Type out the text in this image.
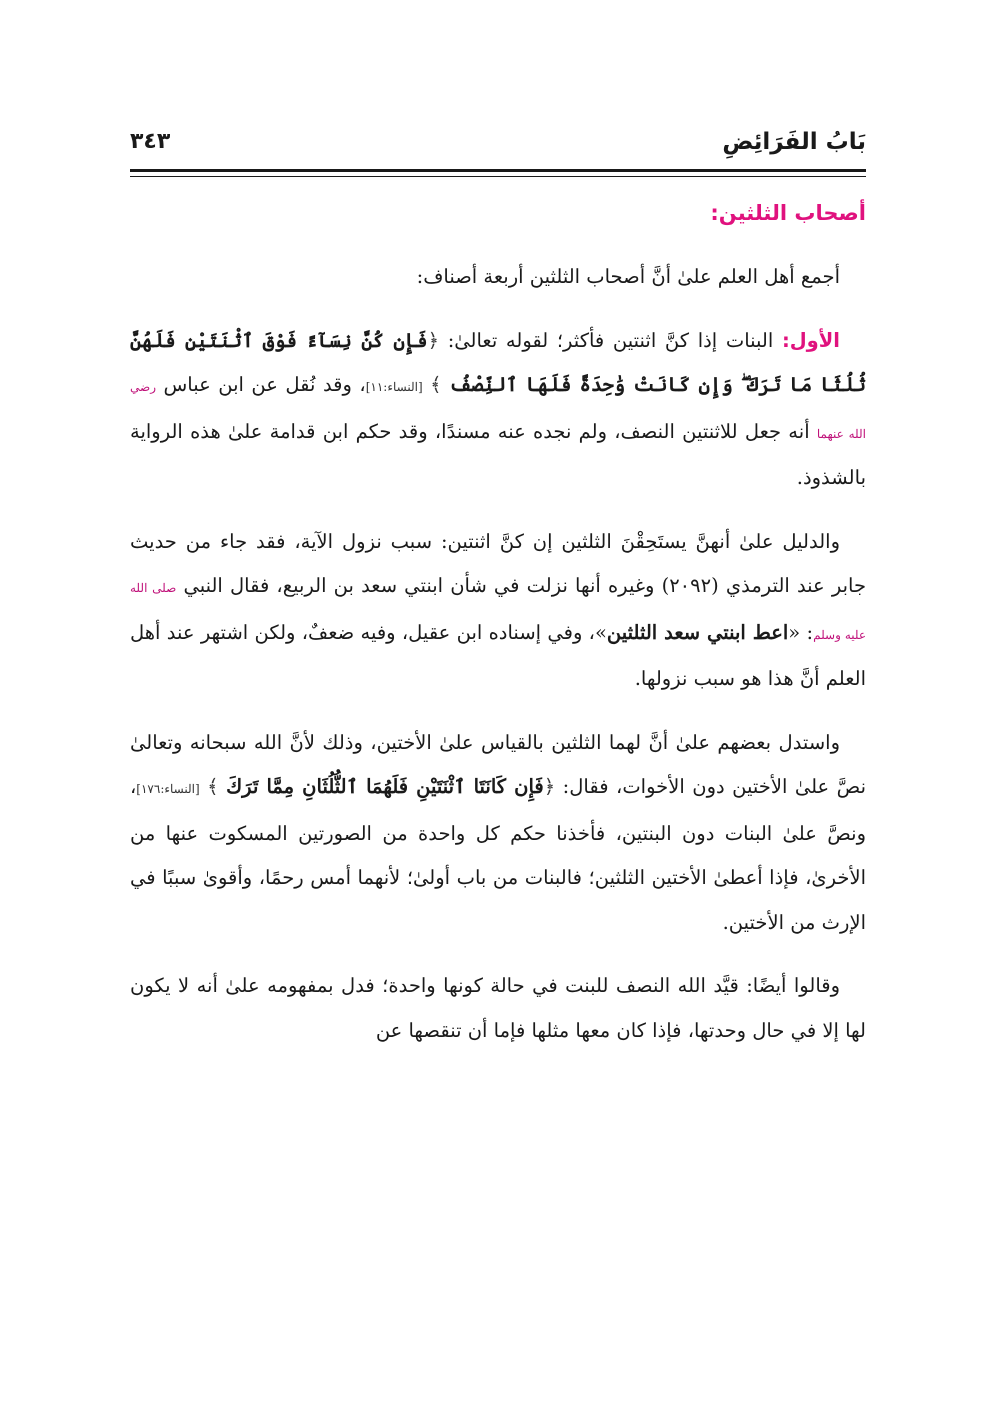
بَابُ الفَرَائِضِ
٣٤٣
أصحاب الثلثين:

أجمع أهل العلم علىٰ أنَّ أصحاب الثلثين أربعة أصناف:

الأول: البنات إذا كنَّ اثنتين فأكثر؛ لقوله تعالىٰ: ﴿فَإِن كُنَّ نِسَآءً فَوْقَ ٱثْنَتَيْنِ فَلَهُنَّ ثُلُثَا مَا تَرَكَ ۖ وَإِن كَانَتْ وَٰحِدَةً فَلَهَا ٱلنِّصْفُ ﴾ [النساء:١١]، وقد نُقل عن ابن عباس رضي الله عنهما أنه جعل للاثنتين النصف، ولم نجده عنه مسندًا، وقد حكم ابن قدامة علىٰ هذه الرواية بالشذوذ.

والدليل علىٰ أنهنَّ يستَحِقْنَ الثلثين إن كنَّ اثنتين: سبب نزول الآية، فقد جاء من حديث جابر عند الترمذي (٢٠٩٢) وغيره أنها نزلت في شأن ابنتي سعد بن الربيع، فقال النبي صلى الله عليه وسلم: «اعط ابنتي سعد الثلثين»، وفي إسناده ابن عقيل، وفيه ضعفٌ، ولكن اشتهر عند أهل العلم أنَّ هذا هو سبب نزولها.

واستدل بعضهم علىٰ أنَّ لهما الثلثين بالقياس علىٰ الأختين، وذلك لأنَّ الله سبحانه وتعالىٰ نصَّ علىٰ الأختين دون الأخوات، فقال: ﴿فَإِن كَانَتَا ٱثْنَتَيْنِ فَلَهُمَا ٱلثُّلُثَانِ مِمَّا تَرَكَ ﴾ [النساء:١٧٦]، ونصَّ علىٰ البنات دون البنتين، فأخذنا حكم كل واحدة من الصورتين المسكوت عنها من الأخرىٰ، فإذا أعطىٰ الأختين الثلثين؛ فالبنات من باب أولىٰ؛ لأنهما أمس رحمًا، وأقوىٰ سببًا في الإرث من الأختين.

وقالوا أيضًا: قيَّد الله النصف للبنت في حالة كونها واحدة؛ فدل بمفهومه علىٰ أنه لا يكون لها إلا في حال وحدتها، فإذا كان معها مثلها فإما أن تنقصها عن
